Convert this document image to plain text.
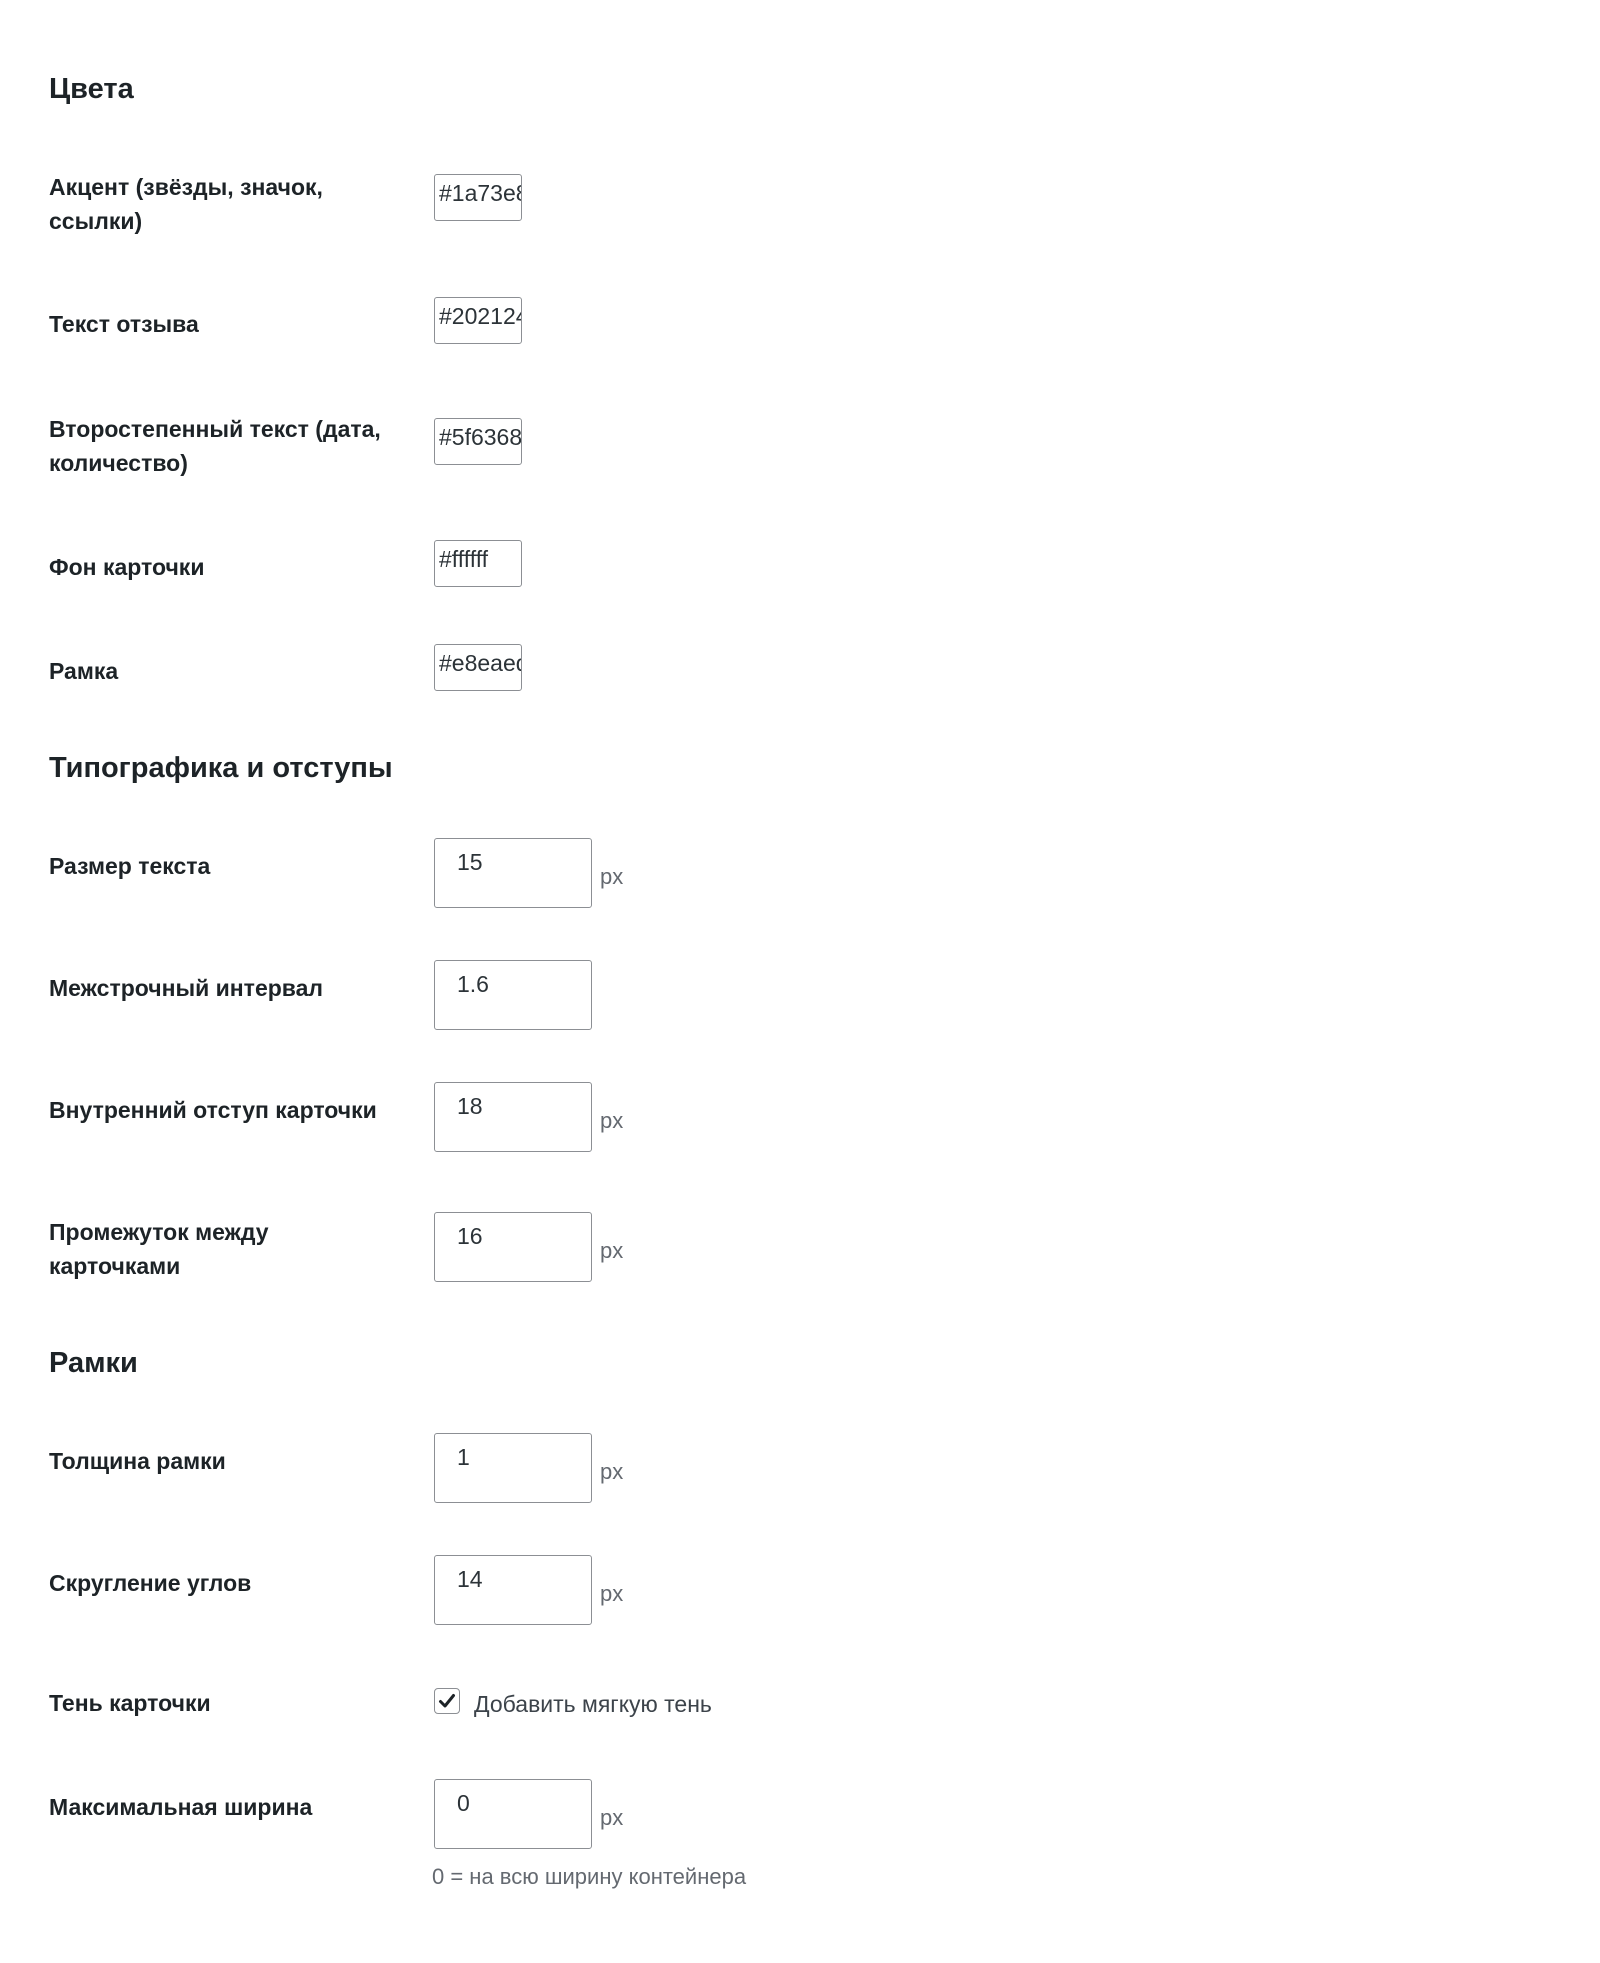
Цвета
Акцент (звёзды, значок, ссылки)
#1a73e8
Текст отзыва
#202124
Второстепенный текст (дата, количество)
#5f6368
Фон карточки
#ffffff
Рамка
#e8eaed
Типографика и отступы
Размер текста
15	px
Межстрочный интервал
1.6
Внутренний отступ карточки
18	px
Промежуток между карточками
16
px
Рамки
Толщина рамки
1	px
Скругление углов
14	px
Тень карточки	Добавить мягкую тень
Максимальная ширина
0	px
0 = на всю ширину контейнера
